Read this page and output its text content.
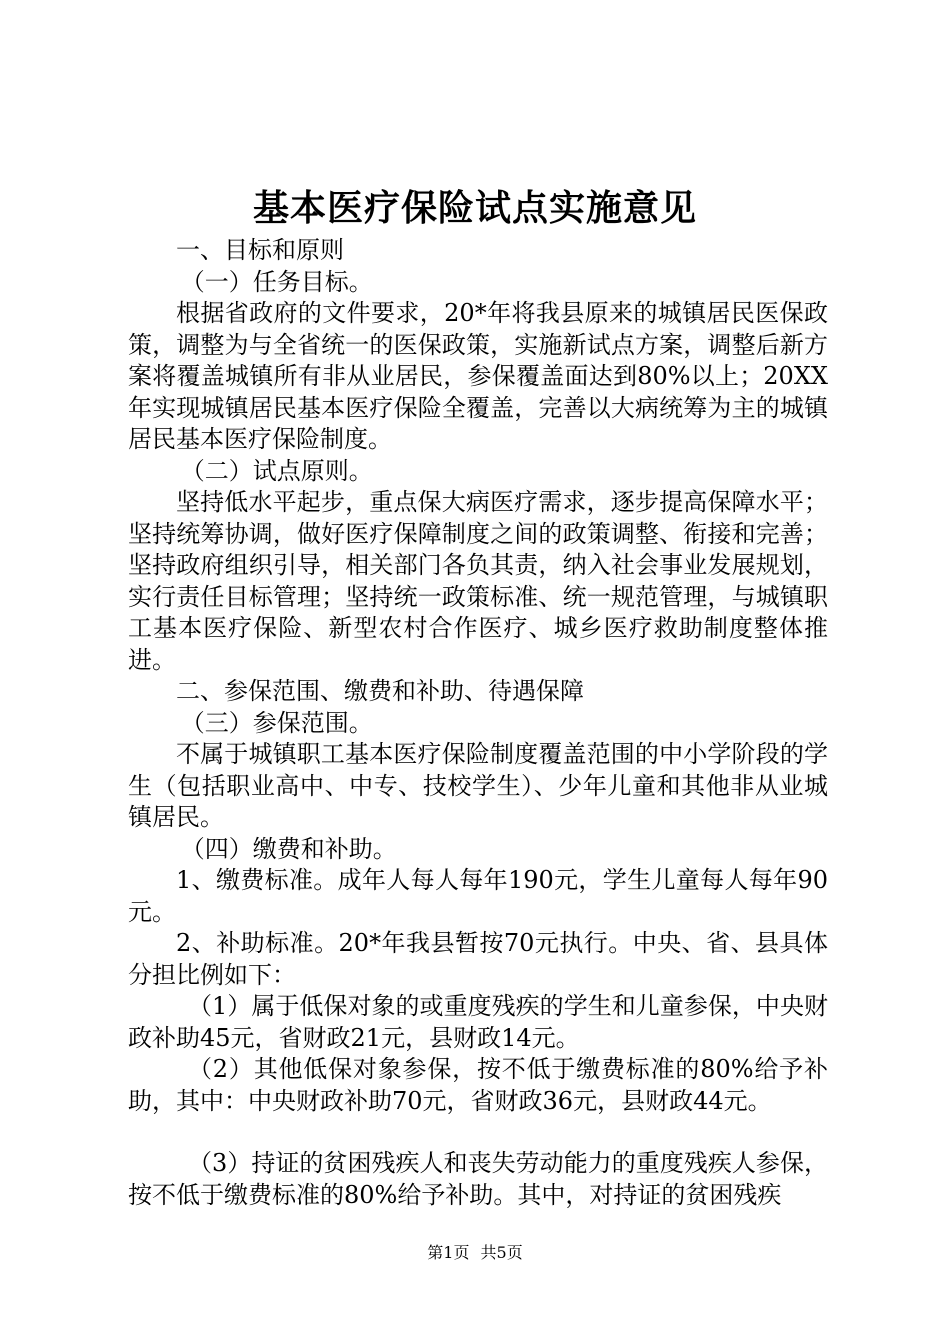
基本医疗保险试点实施意见

一、目标和原则

（一）任务目标。

根据省政府的文件要求，20*年将我县原来的城镇居民医保政策，调整为与全省统一的医保政策，实施新试点方案，调整后新方案将覆盖城镇所有非从业居民，参保覆盖面达到80%以上；20XX年实现城镇居民基本医疗保险全覆盖，完善以大病统筹为主的城镇居民基本医疗保险制度。

（二）试点原则。

坚持低水平起步，重点保大病医疗需求，逐步提高保障水平；坚持统筹协调，做好医疗保障制度之间的政策调整、衔接和完善；坚持政府组织引导，相关部门各负其责，纳入社会事业发展规划，实行责任目标管理；坚持统一政策标准、统一规范管理，与城镇职工基本医疗保险、新型农村合作医疗、城乡医疗救助制度整体推进。

二、参保范围、缴费和补助、待遇保障

（三）参保范围。

不属于城镇职工基本医疗保险制度覆盖范围的中小学阶段的学生（包括职业高中、中专、技校学生）、少年儿童和其他非从业城镇居民。

（四）缴费和补助。

1、缴费标准。成年人每人每年190元，学生儿童每人每年90元。

2、补助标准。20*年我县暂按70元执行。中央、省、县具体分担比例如下：

（1）属于低保对象的或重度残疾的学生和儿童参保，中央财政补助45元，省财政21元，县财政14元。

（2）其他低保对象参保，按不低于缴费标准的80%给予补助，其中：中央财政补助70元，省财政36元，县财政44元。

（3）持证的贫困残疾人和丧失劳动能力的重度残疾人参保，按不低于缴费标准的80%给予补助。其中，对持证的贫困残疾

第1页 共5页
